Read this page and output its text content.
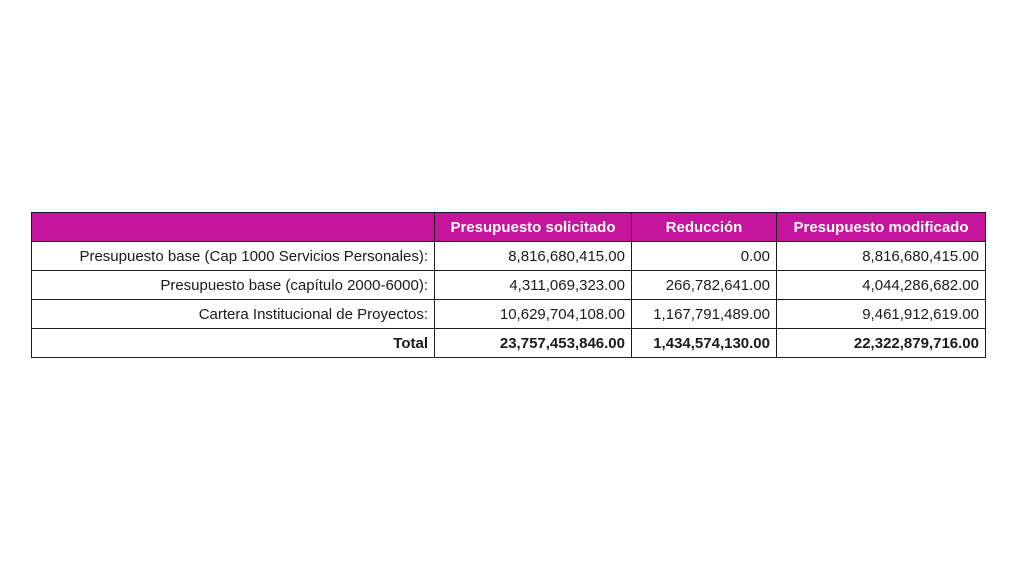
	Presupuesto solicitado	Reducción	Presupuesto modificado
Presupuesto base (Cap 1000 Servicios Personales):	8,816,680,415.00	0.00	8,816,680,415.00
Presupuesto base (capítulo 2000-6000):	4,311,069,323.00	266,782,641.00	4,044,286,682.00
Cartera Institucional de Proyectos:	10,629,704,108.00	1,167,791,489.00	9,461,912,619.00
Total	23,757,453,846.00	1,434,574,130.00	22,322,879,716.00
